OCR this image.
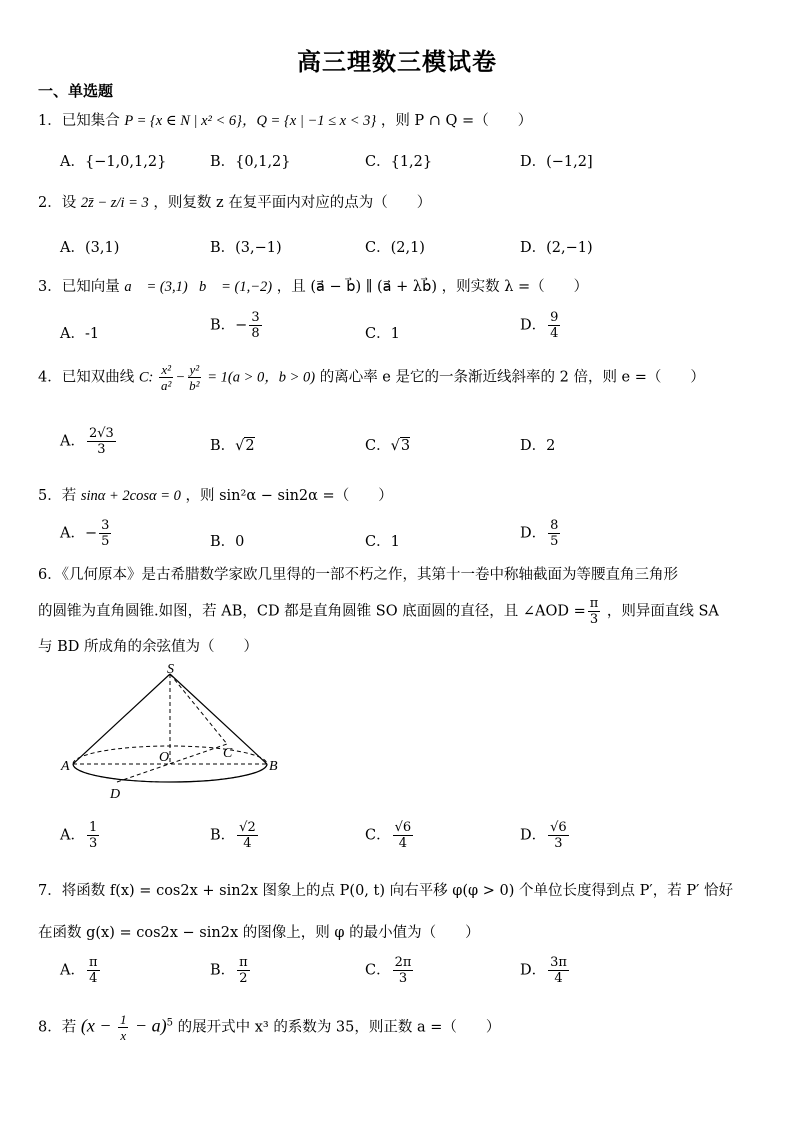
高三理数三模试卷
一、单选题
1．已知集合 P = {x ∈ N | x² < 6}，Q = {x | −1 ≤ x < 3} ，则 P ∩ Q =（　　）
A．{−1,0,1,2}	B．{0,1,2}	C．{1,2}	D．(−1,2]
2．设 2z̄ − z/i = 3 ，则复数 z 在复平面内对应的点为（　　）
A．(3,1)	B．(3,−1)	C．(2,1)	D．(2,−1)
3．已知向量 a⃗ = (3,1)，b⃗ = (1,−2) ，且 (a⃗ − b⃗) ∥ (a⃗ + λb⃗) ，则实数 λ =（　　）
A．-1
B．− $\frac{3}{8}$	C．1
D． $\frac{9}{4}$
4．已知双曲线 C: $\frac{\text{x²}}{\text{a²}} - \frac{\text{y²}}{\text{b²}} = 1(a > 0$，b > 0) 的离心率 e 是它的一条渐近线斜率的 2 倍，则 e =（　　）
A． $\frac{2√3}{3}$	B．√2	C．√3	D．2
5．若 sinα + 2cosα = 0 ，则 sin²α − sin2α =（　　）
A．− $\frac{3}{5}$	B．0	C．1
D． $\frac{8}{5}$
6．《几何原本》是古希腊数学家欧几里得的一部不朽之作，其第十一卷中称轴截面为等腰直角三角形
的圆锥为直角圆锥.如图，若 AB，CD 都是直角圆锥 SO 底面圆的直径，且 ∠AOD = $\frac{\pi}{3}$ ，则异面直线 SA
与 BD 所成角的余弦值为（　　）
S
A	B
C
D
O
A． $\frac{1}{3}$	B． $\frac{√2}{4}$	C． $\frac{√6}{4}$	D． $\frac{√6}{3}$
7．将函数 f(x) = cos2x + sin2x 图象上的点 P(0, t) 向右平移 φ(φ > 0) 个单位长度得到点 P′，若 P′ 恰好
在函数 g(x) = cos2x − sin2x 的图像上，则 φ 的最小值为（　　）
A． $\frac{\pi}{4}$	B． $\frac{\pi}{2}$	C． $\frac{2\pi}{3}$	D． $\frac{3\pi}{4}$
8．若 $(x - \frac{1}{x} - a)^5$ 的展开式中 x³ 的系数为 35，则正数 a =（　　）
